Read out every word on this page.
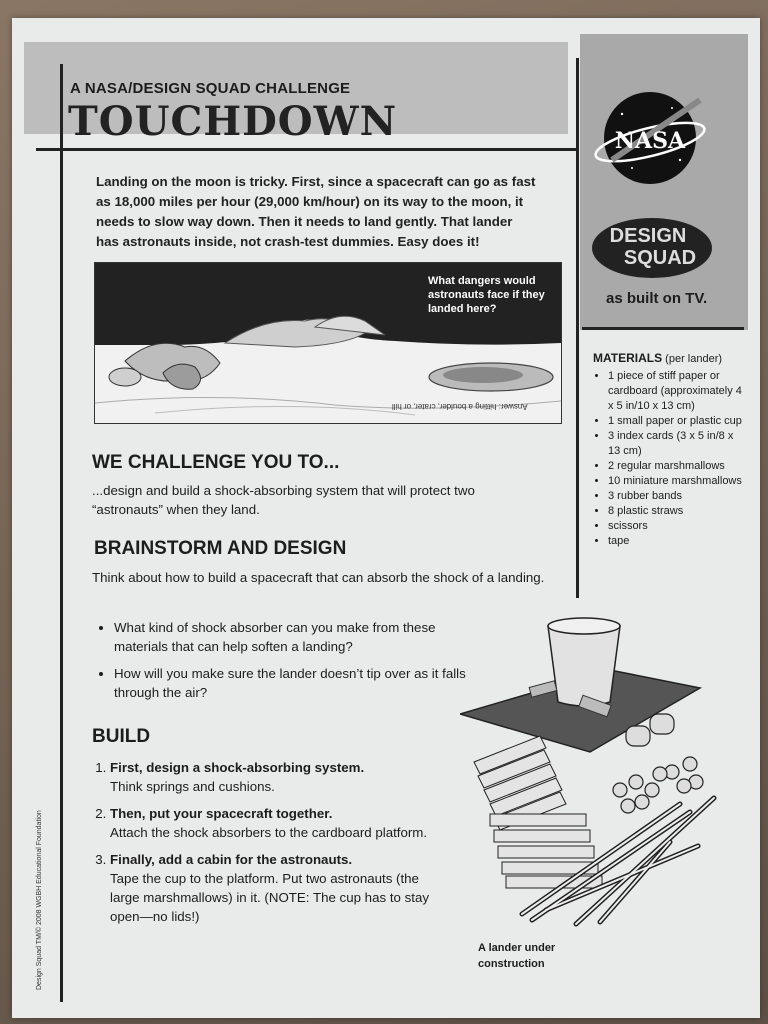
A NASA/DESIGN SQUAD CHALLENGE
TOUCHDOWN	NASA
DESIGN
SQUAD
as built on TV.
MATERIALS (per lander)
• 1 piece of stiff paper or cardboard (approximately 4 x 5 in/10 x 13 cm)
• 1 small paper or plastic cup
• 3 index cards (3 x 5 in/8 x 13 cm)
• 2 regular marshmallows
• 10 miniature marshmallows
• 3 rubber bands
• 8 plastic straws
• scissors
• tape
Landing on the moon is tricky. First, since a spacecraft can go as fast as 18,000 miles per hour (29,000 km/hour) on its way to the moon, it needs to slow way down. Then it needs to land gently. That lander has astronauts inside, not crash-test dummies. Easy does it!
What dangers would astronauts face if they landed here?
Answer: hitting a boulder, crater, or hill
WE CHALLENGE YOU TO...
...design and build a shock-absorbing system that will protect two “astronauts” when they land.
BRAINSTORM AND DESIGN
Think about how to build a spacecraft that can absorb the shock of a landing.
• What kind of shock absorber can you make from these materials that can help soften a landing?
• How will you make sure the lander doesn’t tip over as it falls through the air?
BUILD
1. First, design a shock-absorbing system.
Think springs and cushions.
2. Then, put your spacecraft together.
Attach the shock absorbers to the cardboard platform.
3. Finally, add a cabin for the astronauts.
Tape the cup to the platform. Put two astronauts (the large marshmallows) in it. (NOTE: The cup has to stay open—no lids!)
A lander under construction
Design Squad TM/© 2008 WGBH Educational Foundation
